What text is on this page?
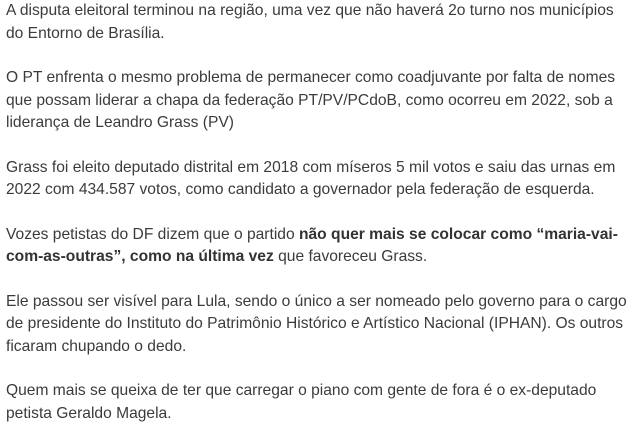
A disputa eleitoral terminou na região, uma vez que não haverá 2o turno nos municípios do Entorno de Brasília.

O PT enfrenta o mesmo problema de permanecer como coadjuvante por falta de nomes que possam liderar a chapa da federação PT/PV/PCdoB, como ocorreu em 2022, sob a liderança de Leandro Grass (PV)

Grass foi eleito deputado distrital em 2018 com míseros 5 mil votos e saiu das urnas em 2022 com 434.587 votos, como candidato a governador pela federação de esquerda.

Vozes petistas do DF dizem que o partido não quer mais se colocar como “maria-vai-com-as-outras”, como na última vez que favoreceu Grass.

Ele passou ser visível para Lula, sendo o único a ser nomeado pelo governo para o cargo de presidente do Instituto do Patrimônio Histórico e Artístico Nacional (IPHAN). Os outros ficaram chupando o dedo.

Quem mais se queixa de ter que carregar o piano com gente de fora é o ex-deputado petista Geraldo Magela.
